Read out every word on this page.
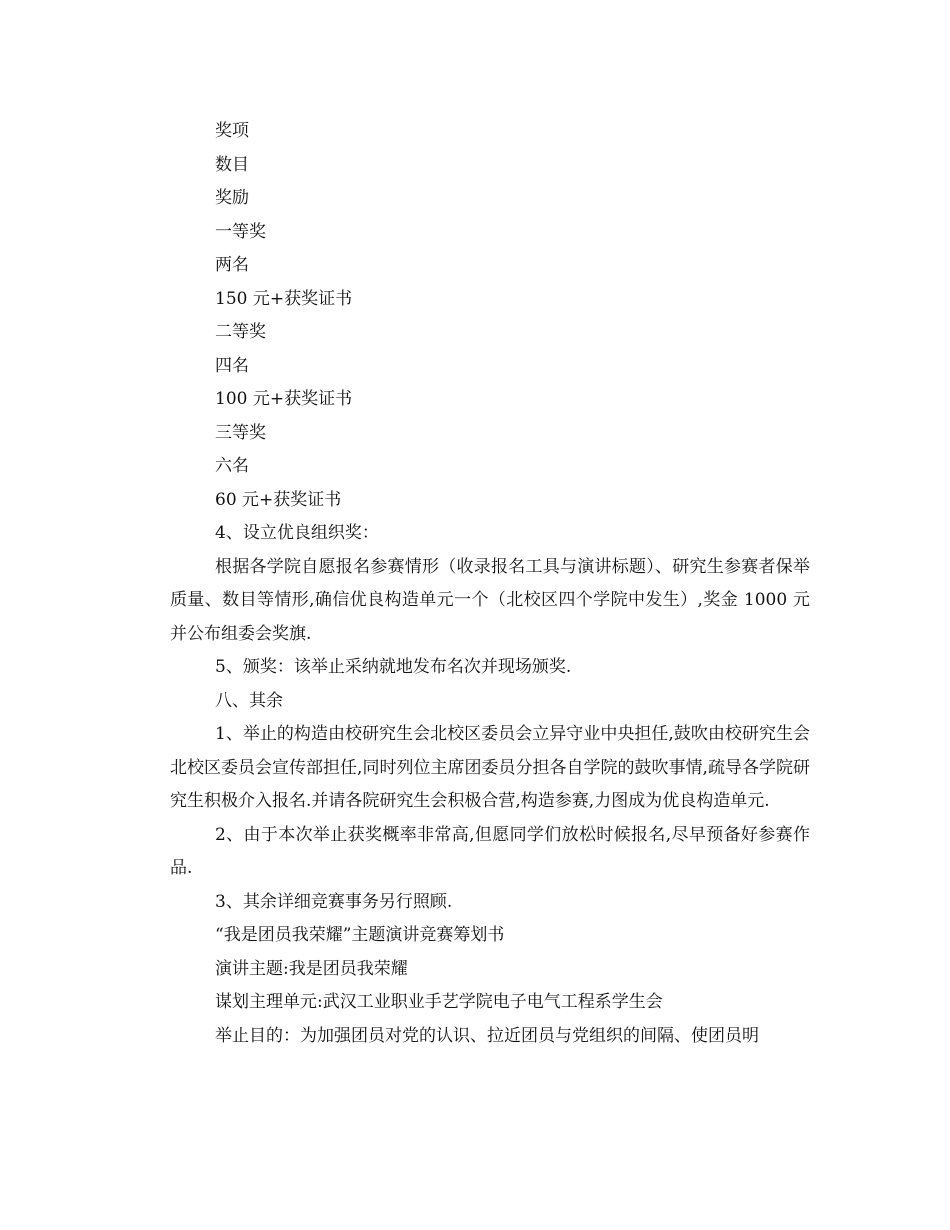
奖项

数目

奖励

一等奖

两名

150 元+获奖证书

二等奖

四名

100 元+获奖证书

三等奖

六名

60 元+获奖证书

4、设立优良组织奖：

根据各学院自愿报名参赛情形（收录报名工具与演讲标题）、研究生参赛者保举质量、数目等情形,确信优良构造单元一个（北校区四个学院中发生）,奖金 1000 元并公布组委会奖旗.

5、颁奖：该举止采纳就地发布名次并现场颁奖.

八、其余

1、举止的构造由校研究生会北校区委员会立异守业中央担任,鼓吹由校研究生会北校区委员会宣传部担任,同时列位主席团委员分担各自学院的鼓吹事情,疏导各学院研究生积极介入报名.并请各院研究生会积极合营,构造参赛,力图成为优良构造单元.

2、由于本次举止获奖概率非常高,但愿同学们放松时候报名,尽早预备好参赛作品.

3、其余详细竞赛事务另行照顾.

“我是团员我荣耀”主题演讲竞赛筹划书

演讲主题:我是团员我荣耀

谋划主理单元:武汉工业职业手艺学院电子电气工程系学生会

举止目的：为加强团员对党的认识、拉近团员与党组织的间隔、使团员明
